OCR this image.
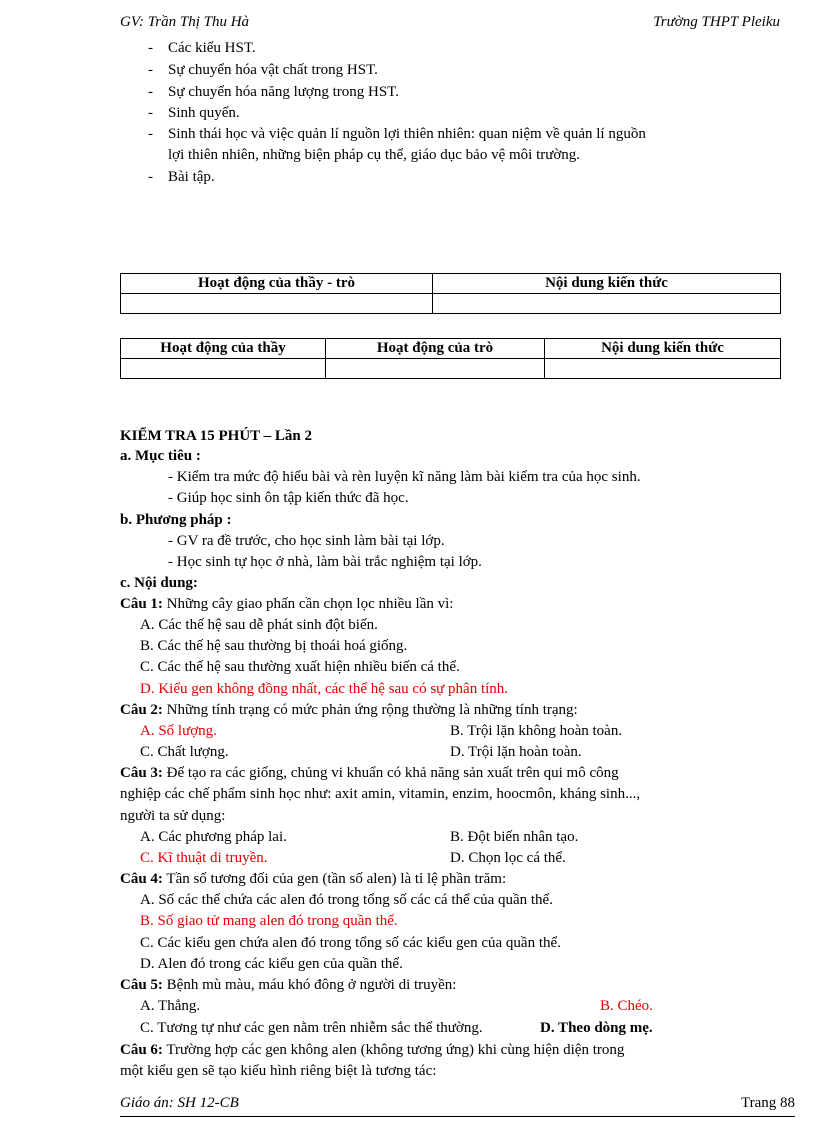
GV: Trần Thị Thu Hà	Trường THPT Pleiku
- Các kiểu HST.
- Sự chuyển hóa vật chất trong HST.
- Sự chuyển hóa năng lượng trong HST.
- Sinh quyển.
- Sinh thái học và việc quản lí nguồn lợi thiên nhiên: quan niệm về quản lí nguồn
lợi thiên nhiên, những biện pháp cụ thể, giáo dục bảo vệ môi trường.
- Bài tập.
Hoạt động của thầy - trò	Nội dung kiến thức

Hoạt động của thầy	Hoạt động của trò	Nội dung kiến thức

KIỂM TRA 15 PHÚT – Lần 2
a. Mục tiêu :
- Kiểm tra mức độ hiểu bài và rèn luyện kĩ năng làm bài kiểm tra của học sinh.
- Giúp học sinh ôn tập kiến thức đã học.
b. Phương pháp :
- GV ra đề trước, cho học sinh làm bài tại lớp.
- Học sinh tự học ở nhà, làm bài trắc nghiệm tại lớp.
c. Nội dung:
Câu 1: Những cây giao phấn cần chọn lọc nhiều lần vì:
A. Các thế hệ sau dễ phát sinh đột biến.
B. Các thế hệ sau thường bị thoái hoá giống.
C. Các thế hệ sau thường xuất hiện nhiều biến cá thể.
D. Kiểu gen không đồng nhất, các thế hệ sau có sự phân tính.
Câu 2: Những tính trạng có mức phản ứng rộng thường là những tính trạng:
A. Số lượng.	B. Trội lặn không hoàn toàn.
C. Chất lượng.	D. Trội lặn hoàn toàn.
Câu 3: Để tạo ra các giống, chủng vi khuẩn có khả năng sản xuất trên qui mô công
nghiệp các chế phẩm sinh học như: axit amin, vitamin, enzim, hoocmôn, kháng sinh...,
người ta sử dụng:
A. Các phương pháp lai.	B. Đột biến nhân tạo.
C. Kĩ thuật di truyền.	D. Chọn lọc cá thể.
Câu 4: Tần số tương đối của gen (tần số alen) là tỉ lệ phần trăm:
A. Số các thể chứa các alen đó trong tổng số các cá thể của quần thể.
B. Số giao tử mang alen đó trong quần thể.
C. Các kiểu gen chứa alen đó trong tổng số các kiểu gen của quần thể.
D. Alen đó trong các kiểu gen của quần thể.
Câu 5: Bệnh mù màu, máu khó đông ở người di truyền:
A. Thẳng.	B. Chéo.
C. Tương tự như các gen nằm trên nhiễm sắc thể thường.	D. Theo dòng mẹ.
Câu 6: Trường hợp các gen không alen (không tương ứng) khi cùng hiện diện trong
một kiểu gen sẽ tạo kiểu hình riêng biệt là tương tác:
Giáo án: SH 12-CB	Trang 88
